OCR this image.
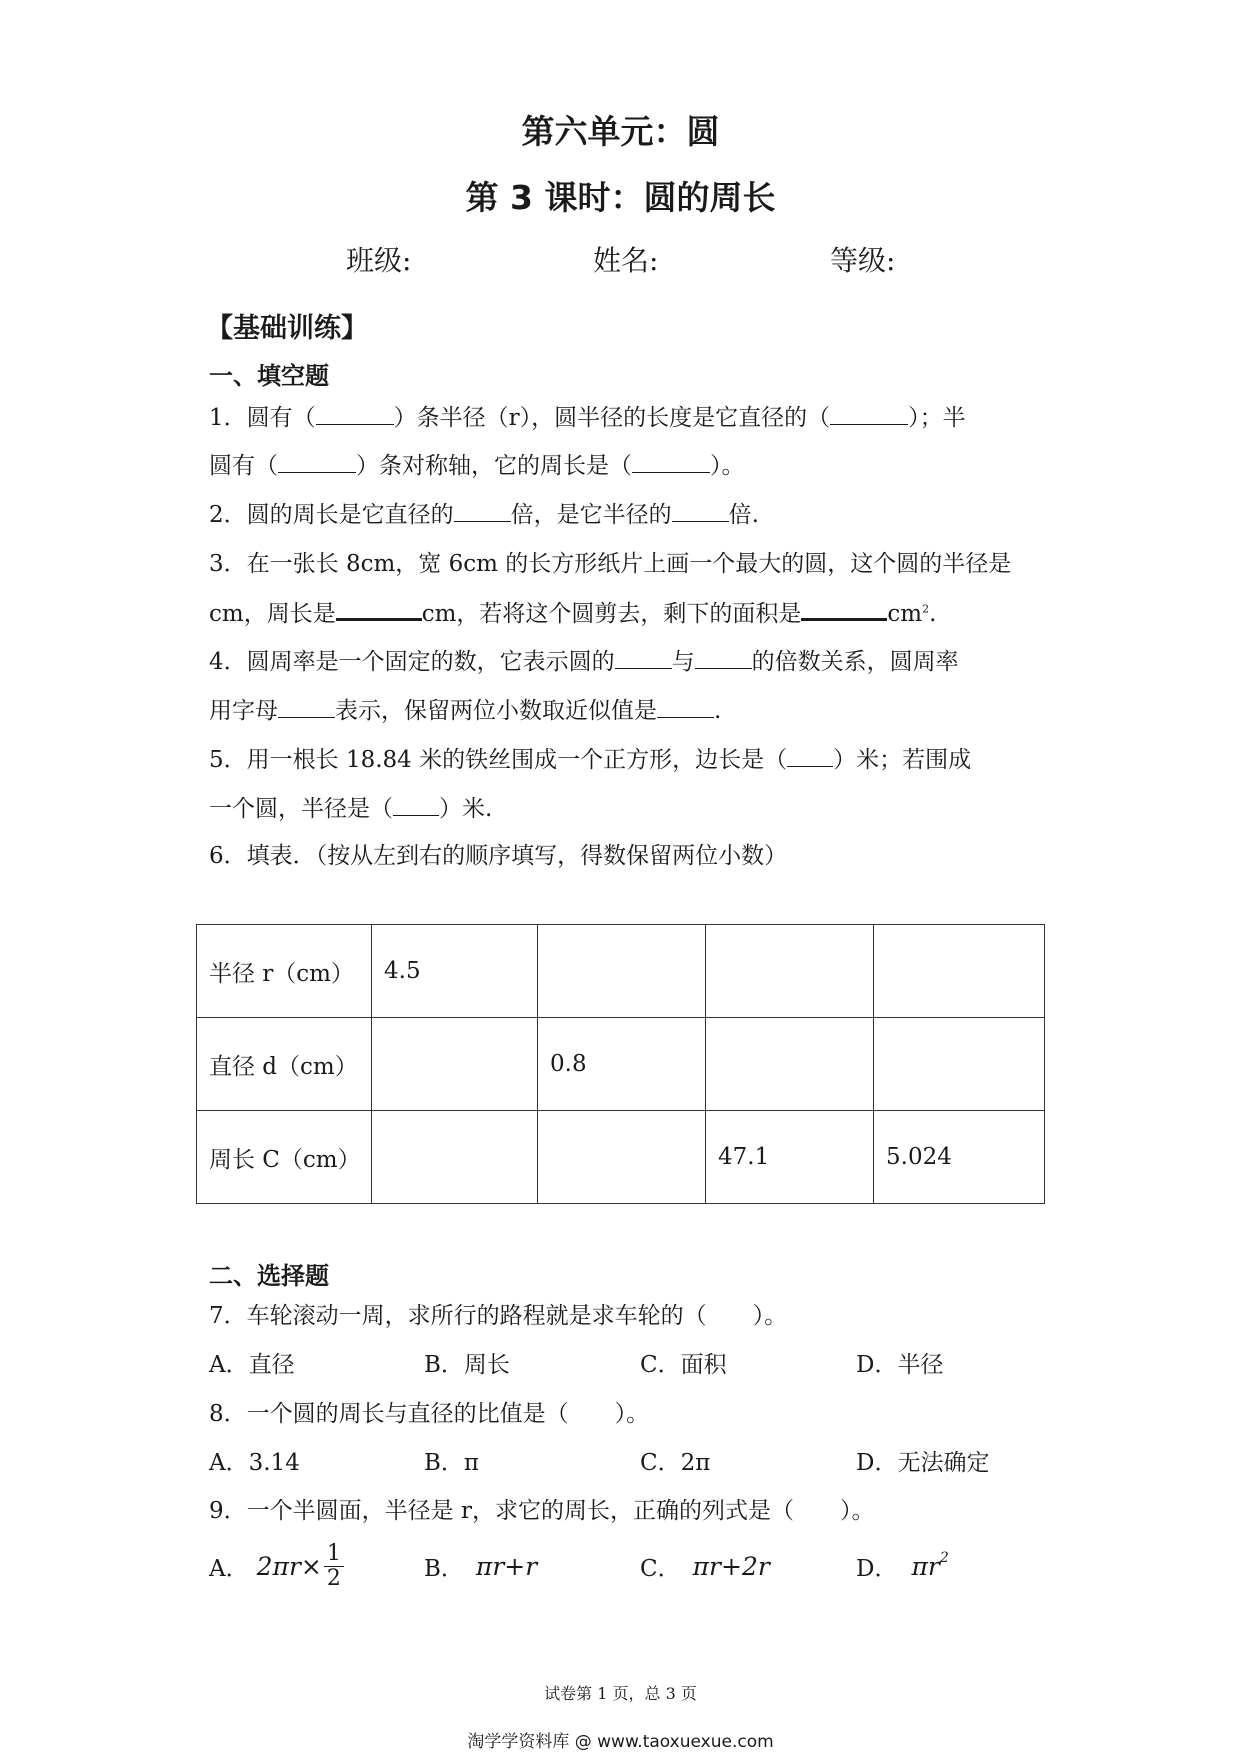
第六单元：圆
第 3 课时：圆的周长
班级:	姓名:	等级:
【基础训练】
一、填空题
1．圆有（	）条半径（r），圆半径的长度是它直径的（	）；半
圆有（	）条对称轴，它的周长是（	）。
2．圆的周长是它直径的 倍，是它半径的 倍.
3．在一张长 8cm，宽 6cm 的长方形纸片上画一个最大的圆，这个圆的半径是
cm，周长是	cm，若将这个圆剪去，剩下的面积是	$cm^2$.
4．圆周率是一个固定的数，它表示圆的 与 的倍数关系，圆周率
用字母 表示，保留两位小数取近似值是 .
5．用一根长 18.84 米的铁丝围成一个正方形，边长是（ ）米；若围成
一个圆，半径是（ ）米.
6．填表．（按从左到右的顺序填写，得数保留两位小数）
半径 r（cm）	4.5			
直径 d（cm）		0.8		
周长 C（cm）			47.1	5.024
二、选择题
7．车轮滚动一周，求所行的路程就是求车轮的（　　）。
A．直径	B．周长	C．面积	D．半径
8．一个圆的周长与直径的比值是（　　）。
A．3.14	B．π	C．2π	D．无法确定
9．一个半圆面，半径是 r，求它的周长，正确的列式是（　　）。
A． $2\pi r\times \frac{1}{2}$	B． πr+r	C． πr+2r	D． $\pi r^2$
试卷第 1 页，总 3 页
淘学学资料库 @ www.taoxuexue.com
